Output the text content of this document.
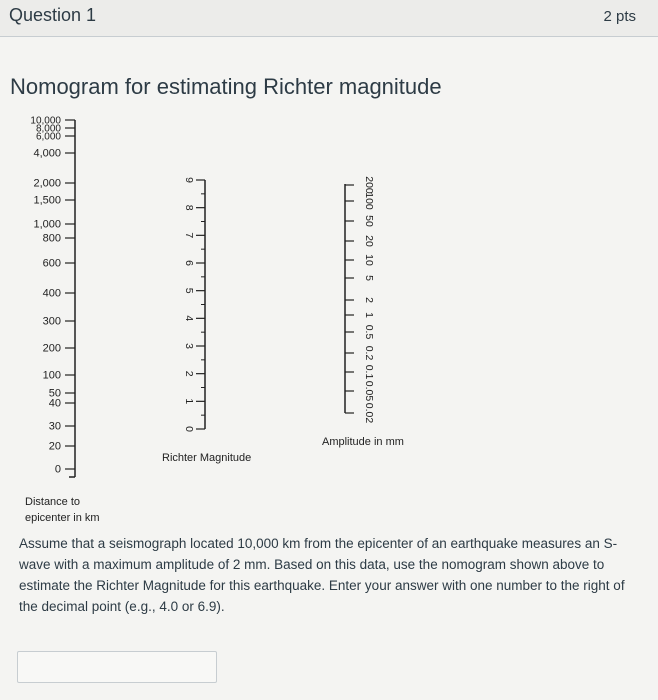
Question 1	2 pts
Nomogram for estimating Richter magnitude
10,000
8,000
6,000
4,000
2,000
1,500
1,000
800
600
400
300
200
100
50
40
30
20
0
9
8
7
6
5
4
3
2
1
0
200
100
50
20
10
5
2
1
0.5
0.2
0.1
0.05
0.02
Richter Magnitude
Amplitude in mm
Distance to
epicenter in km
Assume that a seismograph located 10,000 km from the epicenter of an earthquake measures an S-wave with a maximum amplitude of 2 mm. Based on this data, use the nomogram shown above to estimate the Richter Magnitude for this earthquake. Enter your answer with one number to the right of the decimal point (e.g., 4.0 or 6.9).
